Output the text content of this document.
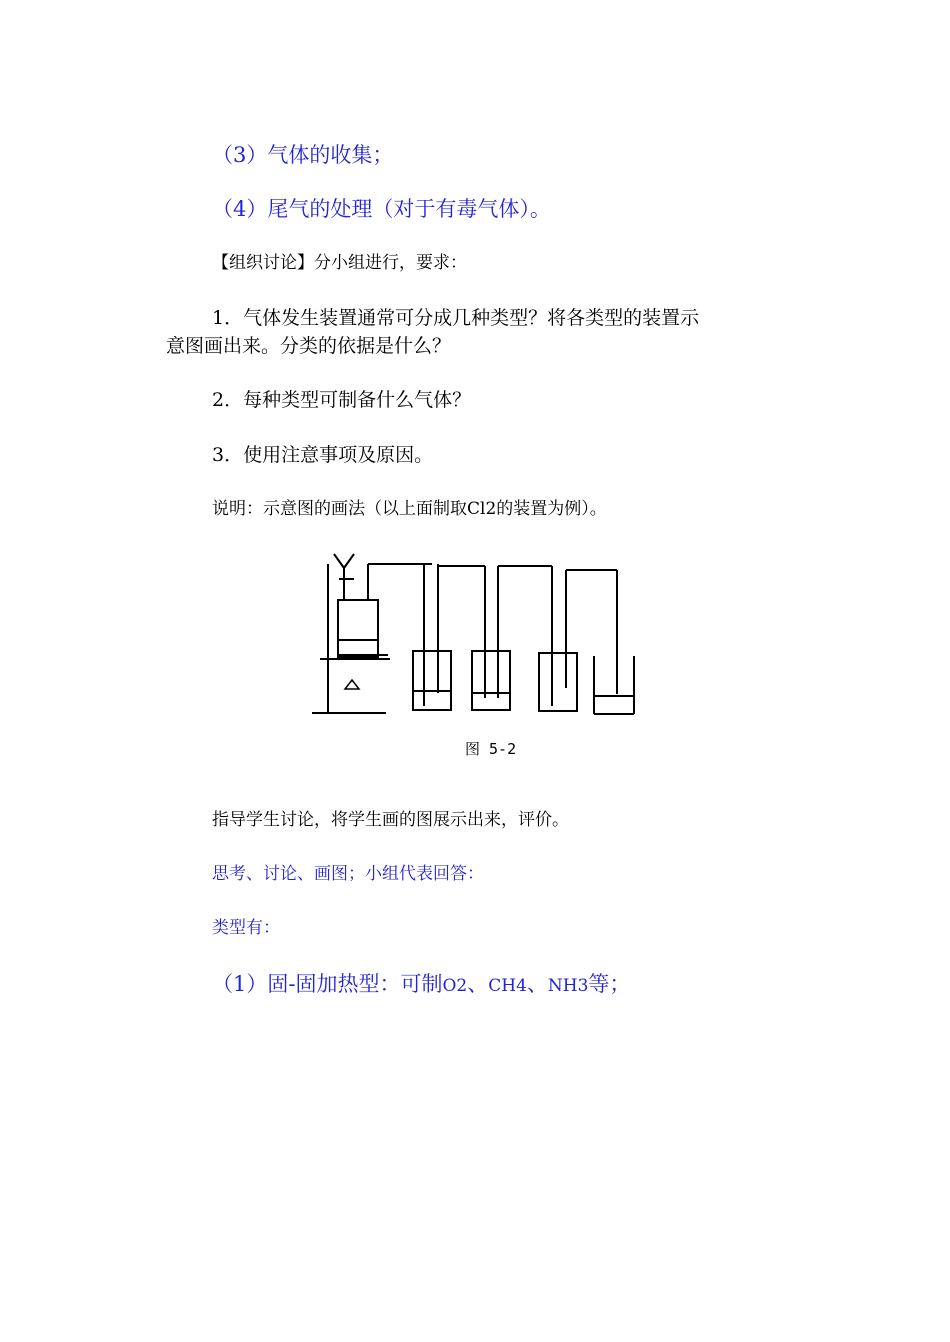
（3）气体的收集；
（4）尾气的处理（对于有毒气体）。
【组织讨论】分小组进行，要求：
1．气体发生装置通常可分成几种类型？将各类型的装置示
意图画出来。分类的依据是什么？
2．每种类型可制备什么气体？
3．使用注意事项及原因。
说明：示意图的画法（以上面制取Cl2的装置为例）。
图 5-2
指导学生讨论，将学生画的图展示出来，评价。
思考、讨论、画图；小组代表回答：
类型有：
（1）固-固加热型：可制O2、CH4、NH3等；
